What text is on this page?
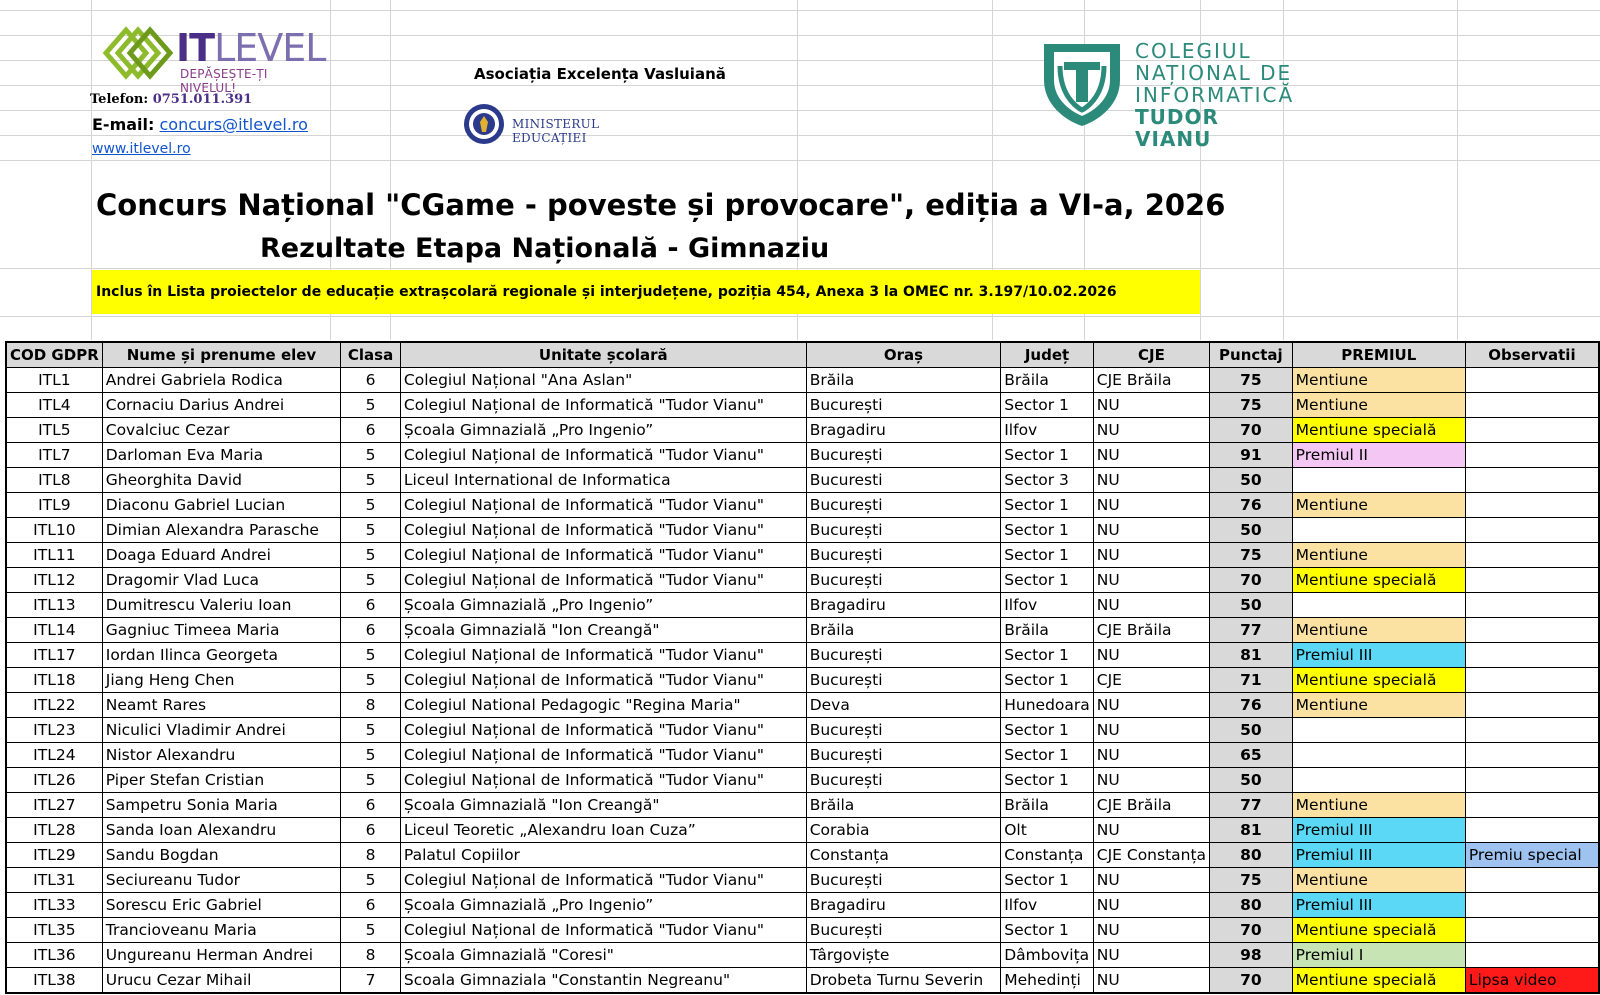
ITLEVEL
DEPĂȘEȘTE-ȚI NIVELUL!
Telefon: 0751.011.391
E-mail: concurs@itlevel.ro
www.itlevel.ro
Asociația Excelența Vasluiană
MINISTERUL EDUCAȚIEI
COLEGIUL
NAȚIONAL DE
INFORMATICĂ
TUDOR VIANU
Concurs Național "CGame - poveste și provocare", ediția a VI-a, 2026
Rezultate Etapa Națională - Gimnaziu
Inclus în Lista proiectelor de educație extrașcolară regionale și interjudețene, poziția 454, Anexa 3 la OMEC nr. 3.197/10.02.2026
COD GDPR	Nume și prenume elev	Clasa	Unitate școlară	Oraș	Județ	CJE	Punctaj	PREMIUL	Observatii
ITL1	Andrei Gabriela Rodica	6	Colegiul Național "Ana Aslan"	Brăila	Brăila	CJE Brăila	75	Mentiune	
ITL4	Cornaciu Darius Andrei	5	Colegiul Național de Informatică "Tudor Vianu"	București	Sector 1	NU	75	Mentiune	
ITL5	Covalciuc Cezar	6	Școala Gimnazială „Pro Ingenio”	Bragadiru	Ilfov	NU	70	Mentiune specială	
ITL7	Darloman Eva Maria	5	Colegiul Național de Informatică "Tudor Vianu"	București	Sector 1	NU	91	Premiul II	
ITL8	Gheorghita David	5	Liceul International de Informatica	Bucuresti	Sector 3	NU	50		
ITL9	Diaconu Gabriel Lucian	5	Colegiul Național de Informatică "Tudor Vianu"	București	Sector 1	NU	76	Mentiune	
ITL10	Dimian Alexandra Parasche	5	Colegiul Național de Informatică "Tudor Vianu"	București	Sector 1	NU	50		
ITL11	Doaga Eduard Andrei	5	Colegiul Național de Informatică "Tudor Vianu"	București	Sector 1	NU	75	Mentiune	
ITL12	Dragomir Vlad Luca	5	Colegiul Național de Informatică "Tudor Vianu"	București	Sector 1	NU	70	Mentiune specială	
ITL13	Dumitrescu Valeriu Ioan	6	Școala Gimnazială „Pro Ingenio”	Bragadiru	Ilfov	NU	50		
ITL14	Gagniuc Timeea Maria	6	Școala Gimnazială "Ion Creangă"	Brăila	Brăila	CJE Brăila	77	Mentiune	
ITL17	Iordan Ilinca Georgeta	5	Colegiul Național de Informatică "Tudor Vianu"	București	Sector 1	NU	81	Premiul III	
ITL18	Jiang Heng Chen	5	Colegiul Național de Informatică "Tudor Vianu"	București	Sector 1	CJE	71	Mentiune specială	
ITL22	Neamt Rares	8	Colegiul National Pedagogic "Regina Maria"	Deva	Hunedoara	NU	76	Mentiune	
ITL23	Niculici Vladimir Andrei	5	Colegiul Național de Informatică "Tudor Vianu"	București	Sector 1	NU	50		
ITL24	Nistor Alexandru	5	Colegiul Național de Informatică "Tudor Vianu"	București	Sector 1	NU	65		
ITL26	Piper Stefan Cristian	5	Colegiul Național de Informatică "Tudor Vianu"	București	Sector 1	NU	50		
ITL27	Sampetru Sonia Maria	6	Școala Gimnazială "Ion Creangă"	Brăila	Brăila	CJE Brăila	77	Mentiune	
ITL28	Sanda Ioan Alexandru	6	Liceul Teoretic „Alexandru Ioan Cuza”	Corabia	Olt	NU	81	Premiul III	
ITL29	Sandu Bogdan	8	Palatul Copiilor	Constanța	Constanța	CJE Constanța	80	Premiul III	Premiu special
ITL31	Seciureanu Tudor	5	Colegiul Național de Informatică "Tudor Vianu"	București	Sector 1	NU	75	Mentiune	
ITL33	Sorescu Eric Gabriel	6	Școala Gimnazială „Pro Ingenio”	Bragadiru	Ilfov	NU	80	Premiul III	
ITL35	Trancioveanu Maria	5	Colegiul Național de Informatică "Tudor Vianu"	București	Sector 1	NU	70	Mentiune specială	
ITL36	Ungureanu Herman Andrei	8	Școala Gimnazială "Coresi"	Târgoviște	Dâmbovița	NU	98	Premiul I	
ITL38	Urucu Cezar Mihail	7	Scoala Gimnaziala "Constantin Negreanu"	Drobeta Turnu Severin	Mehedinți	NU	70	Mentiune specială	Lipsa video
